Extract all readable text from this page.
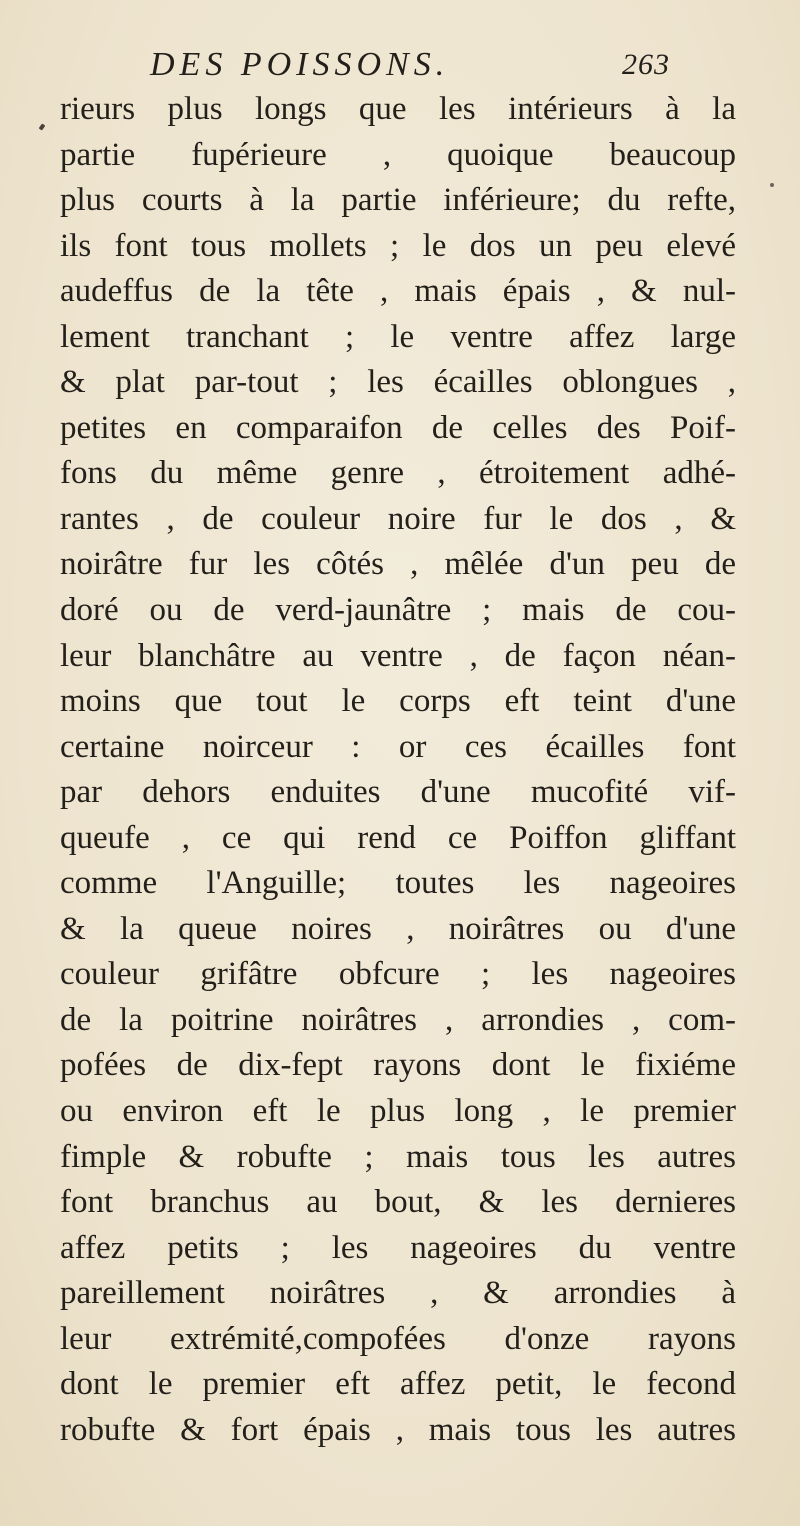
DES POISSONS.	263
rieurs plus longs que les intérieurs à la
partie fupérieure , quoique beaucoup
plus courts à la partie inférieure; du refte,
ils font tous mollets ; le dos un peu elevé
audeffus de la tête , mais épais , & nul-
lement tranchant ; le ventre affez large
& plat par-tout ; les écailles oblongues ,
petites en comparaifon de celles des Poif-
fons du même genre , étroitement adhé-
rantes , de couleur noire fur le dos , &
noirâtre fur les côtés , mêlée d'un peu de
doré ou de verd-jaunâtre ; mais de cou-
leur blanchâtre au ventre , de façon néan-
moins que tout le corps eft teint d'une
certaine noirceur : or ces écailles font
par dehors enduites d'une mucofité vif-
queufe , ce qui rend ce Poiffon gliffant
comme l'Anguille; toutes les nageoires
& la queue noires , noirâtres ou d'une
couleur grifâtre obfcure ; les nageoires
de la poitrine noirâtres , arrondies , com-
pofées de dix-fept rayons dont le fixiéme
ou environ eft le plus long , le premier
fimple & robufte ; mais tous les autres
font branchus au bout, & les dernieres
affez petits ; les nageoires du ventre
pareillement noirâtres , & arrondies à
leur extrémité,compofées d'onze rayons
dont le premier eft affez petit, le fecond
robufte & fort épais , mais tous les autres
